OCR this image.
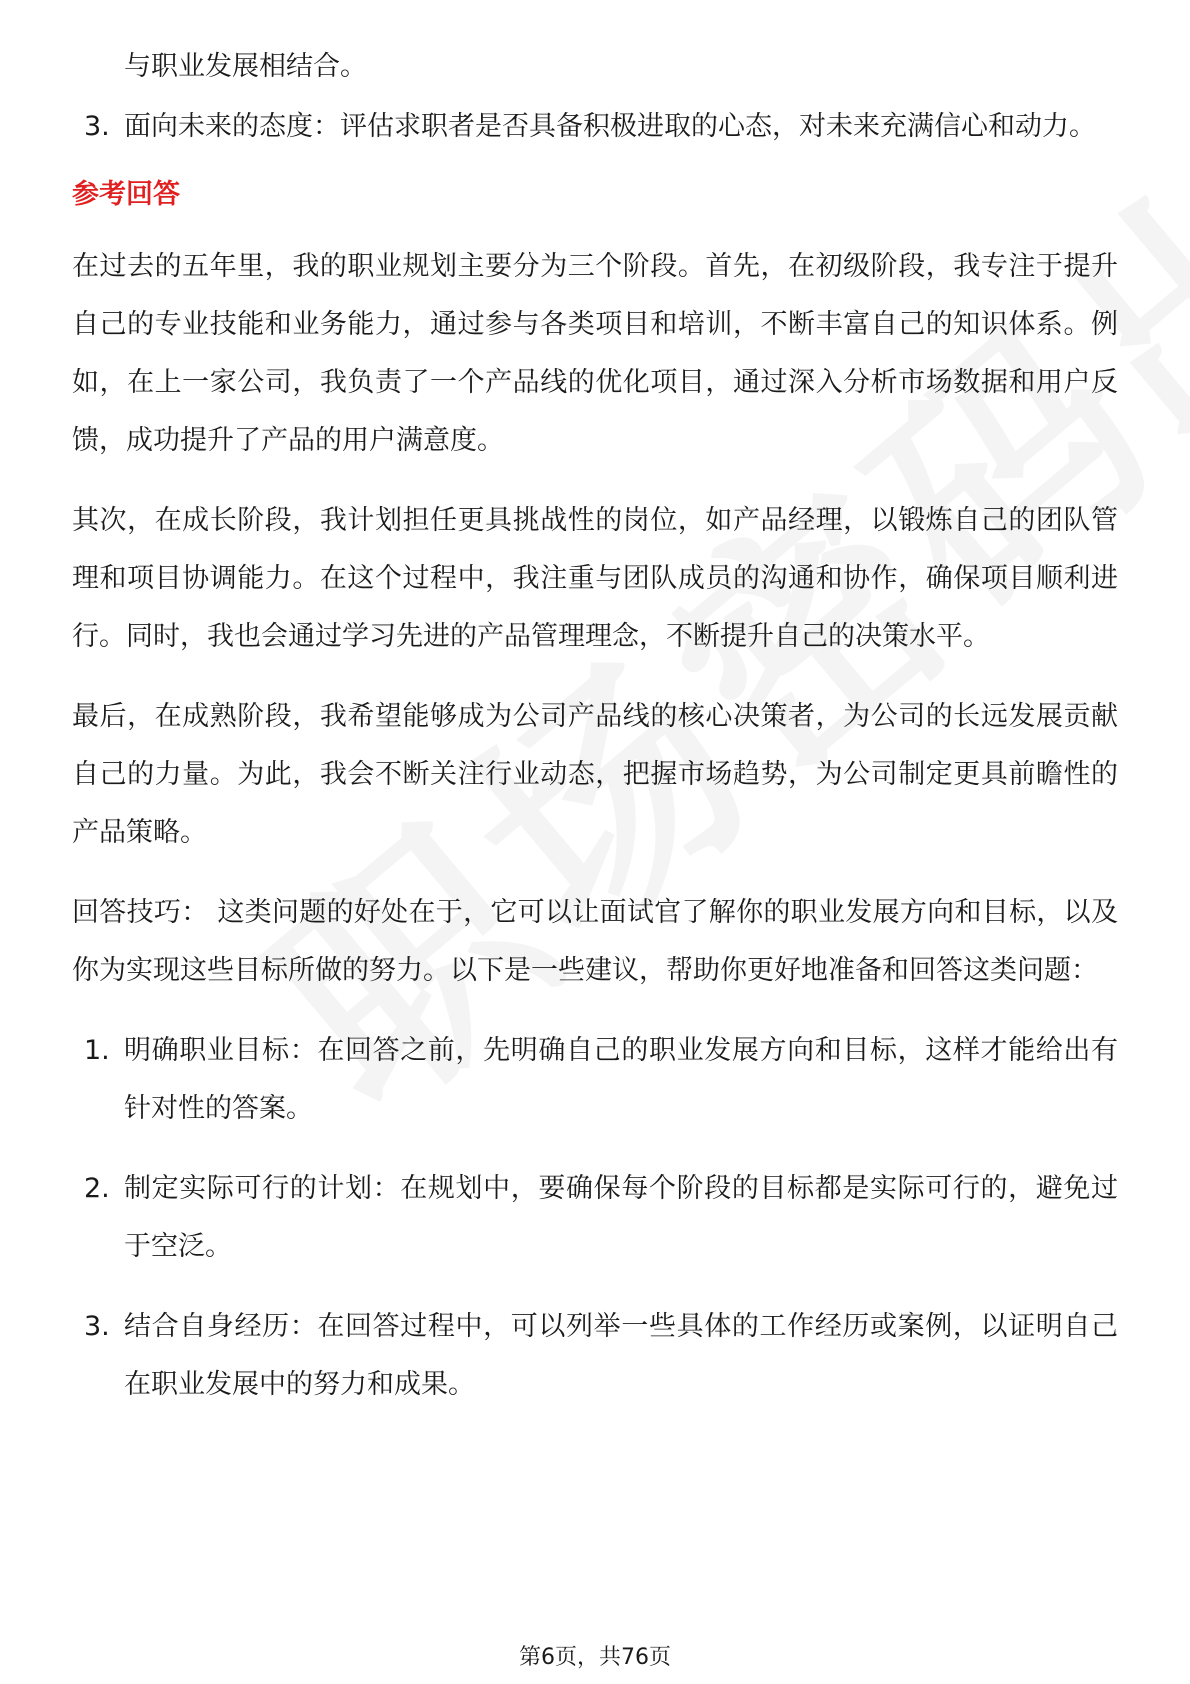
与职业发展相结合。
3. 面向未来的态度：评估求职者是否具备积极进取的心态，对未来充满信心和动力。
参考回答
在过去的五年里，我的职业规划主要分为三个阶段。首先，在初级阶段，我专注于提升自己的专业技能和业务能力，通过参与各类项目和培训，不断丰富自己的知识体系。例如，在上一家公司，我负责了一个产品线的优化项目，通过深入分析市场数据和用户反馈，成功提升了产品的用户满意度。
其次，在成长阶段，我计划担任更具挑战性的岗位，如产品经理，以锻炼自己的团队管理和项目协调能力。在这个过程中，我注重与团队成员的沟通和协作，确保项目顺利进行。同时，我也会通过学习先进的产品管理理念，不断提升自己的决策水平。
最后，在成熟阶段，我希望能够成为公司产品线的核心决策者，为公司的长远发展贡献自己的力量。为此，我会不断关注行业动态，把握市场趋势，为公司制定更具前瞻性的产品策略。
回答技巧： 这类问题的好处在于，它可以让面试官了解你的职业发展方向和目标，以及你为实现这些目标所做的努力。以下是一些建议，帮助你更好地准备和回答这类问题：
1. 明确职业目标：在回答之前，先明确自己的职业发展方向和目标，这样才能给出有针对性的答案。
2. 制定实际可行的计划：在规划中，要确保每个阶段的目标都是实际可行的，避免过于空泛。
3. 结合自身经历：在回答过程中，可以列举一些具体的工作经历或案例，以证明自己在职业发展中的努力和成果。
第6页，共76页
